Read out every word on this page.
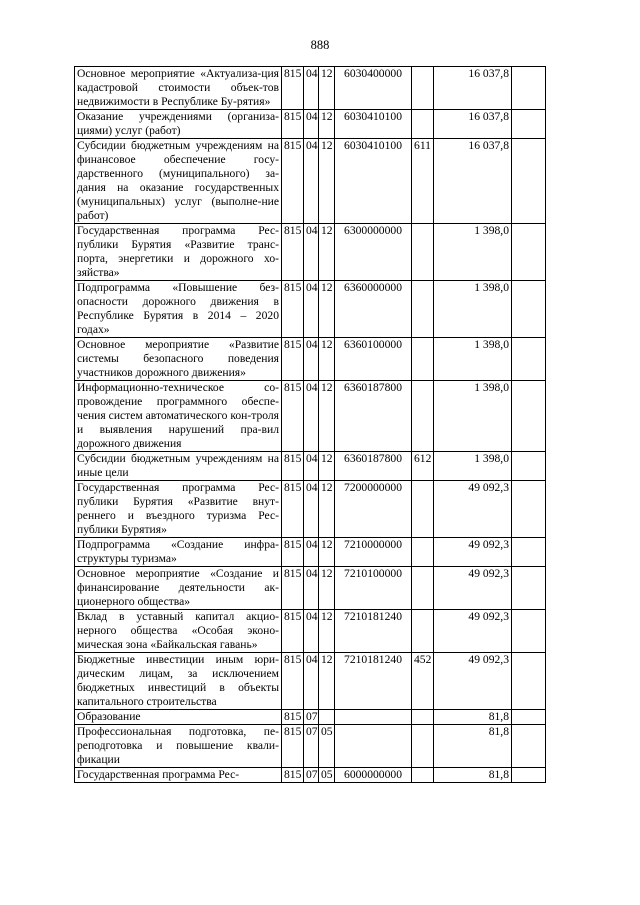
888
Основное мероприятие «Актуализа-ция кадастровой стоимости объек-тов недвижимости в Республике Бу-рятия»	815	04	12	6030400000		16 037,8	
Оказание учреждениями (организа-циями) услуг (работ)	815	04	12	6030410100		16 037,8	
Субсидии бюджетным учреждениям на финансовое обеспечение госу-дарственного (муниципального) за-дания на оказание государственных (муниципальных) услуг (выполне-ние работ)	815	04	12	6030410100	611	16 037,8	
Государственная программа Рес-публики Бурятия «Развитие транс-порта, энергетики и дорожного хо-зяйства»	815	04	12	6300000000		1 398,0	
Подпрограмма «Повышение без-опасности дорожного движения в Республике Бурятия в 2014 – 2020 годах»	815	04	12	6360000000		1 398,0	
Основное мероприятие «Развитие системы безопасного поведения участников дорожного движения»	815	04	12	6360100000		1 398,0	
Информационно-техническое со-провождение программного обеспе-чения систем автоматического кон-троля и выявления нарушений пра-вил дорожного движения	815	04	12	6360187800		1 398,0	
Субсидии бюджетным учреждениям на иные цели	815	04	12	6360187800	612	1 398,0	
Государственная программа Рес-публики Бурятия «Развитие внут-реннего и въездного туризма Рес-публики Бурятия»	815	04	12	7200000000		49 092,3	
Подпрограмма «Создание инфра-структуры туризма»	815	04	12	7210000000		49 092,3	
Основное мероприятие «Создание и финансирование деятельности ак-ционерного общества»	815	04	12	7210100000		49 092,3	
Вклад в уставный капитал акцио-нерного общества «Особая эконо-мическая зона «Байкальская гавань»	815	04	12	7210181240		49 092,3	
Бюджетные инвестиции иным юри-дическим лицам, за исключением бюджетных инвестиций в объекты капитального строительства	815	04	12	7210181240	452	49 092,3	
Образование	815	07				81,8	
Профессиональная подготовка, пе-реподготовка и повышение квали-фикации	815	07	05			81,8	
Государственная программа Рес-	815	07	05	6000000000		81,8	
